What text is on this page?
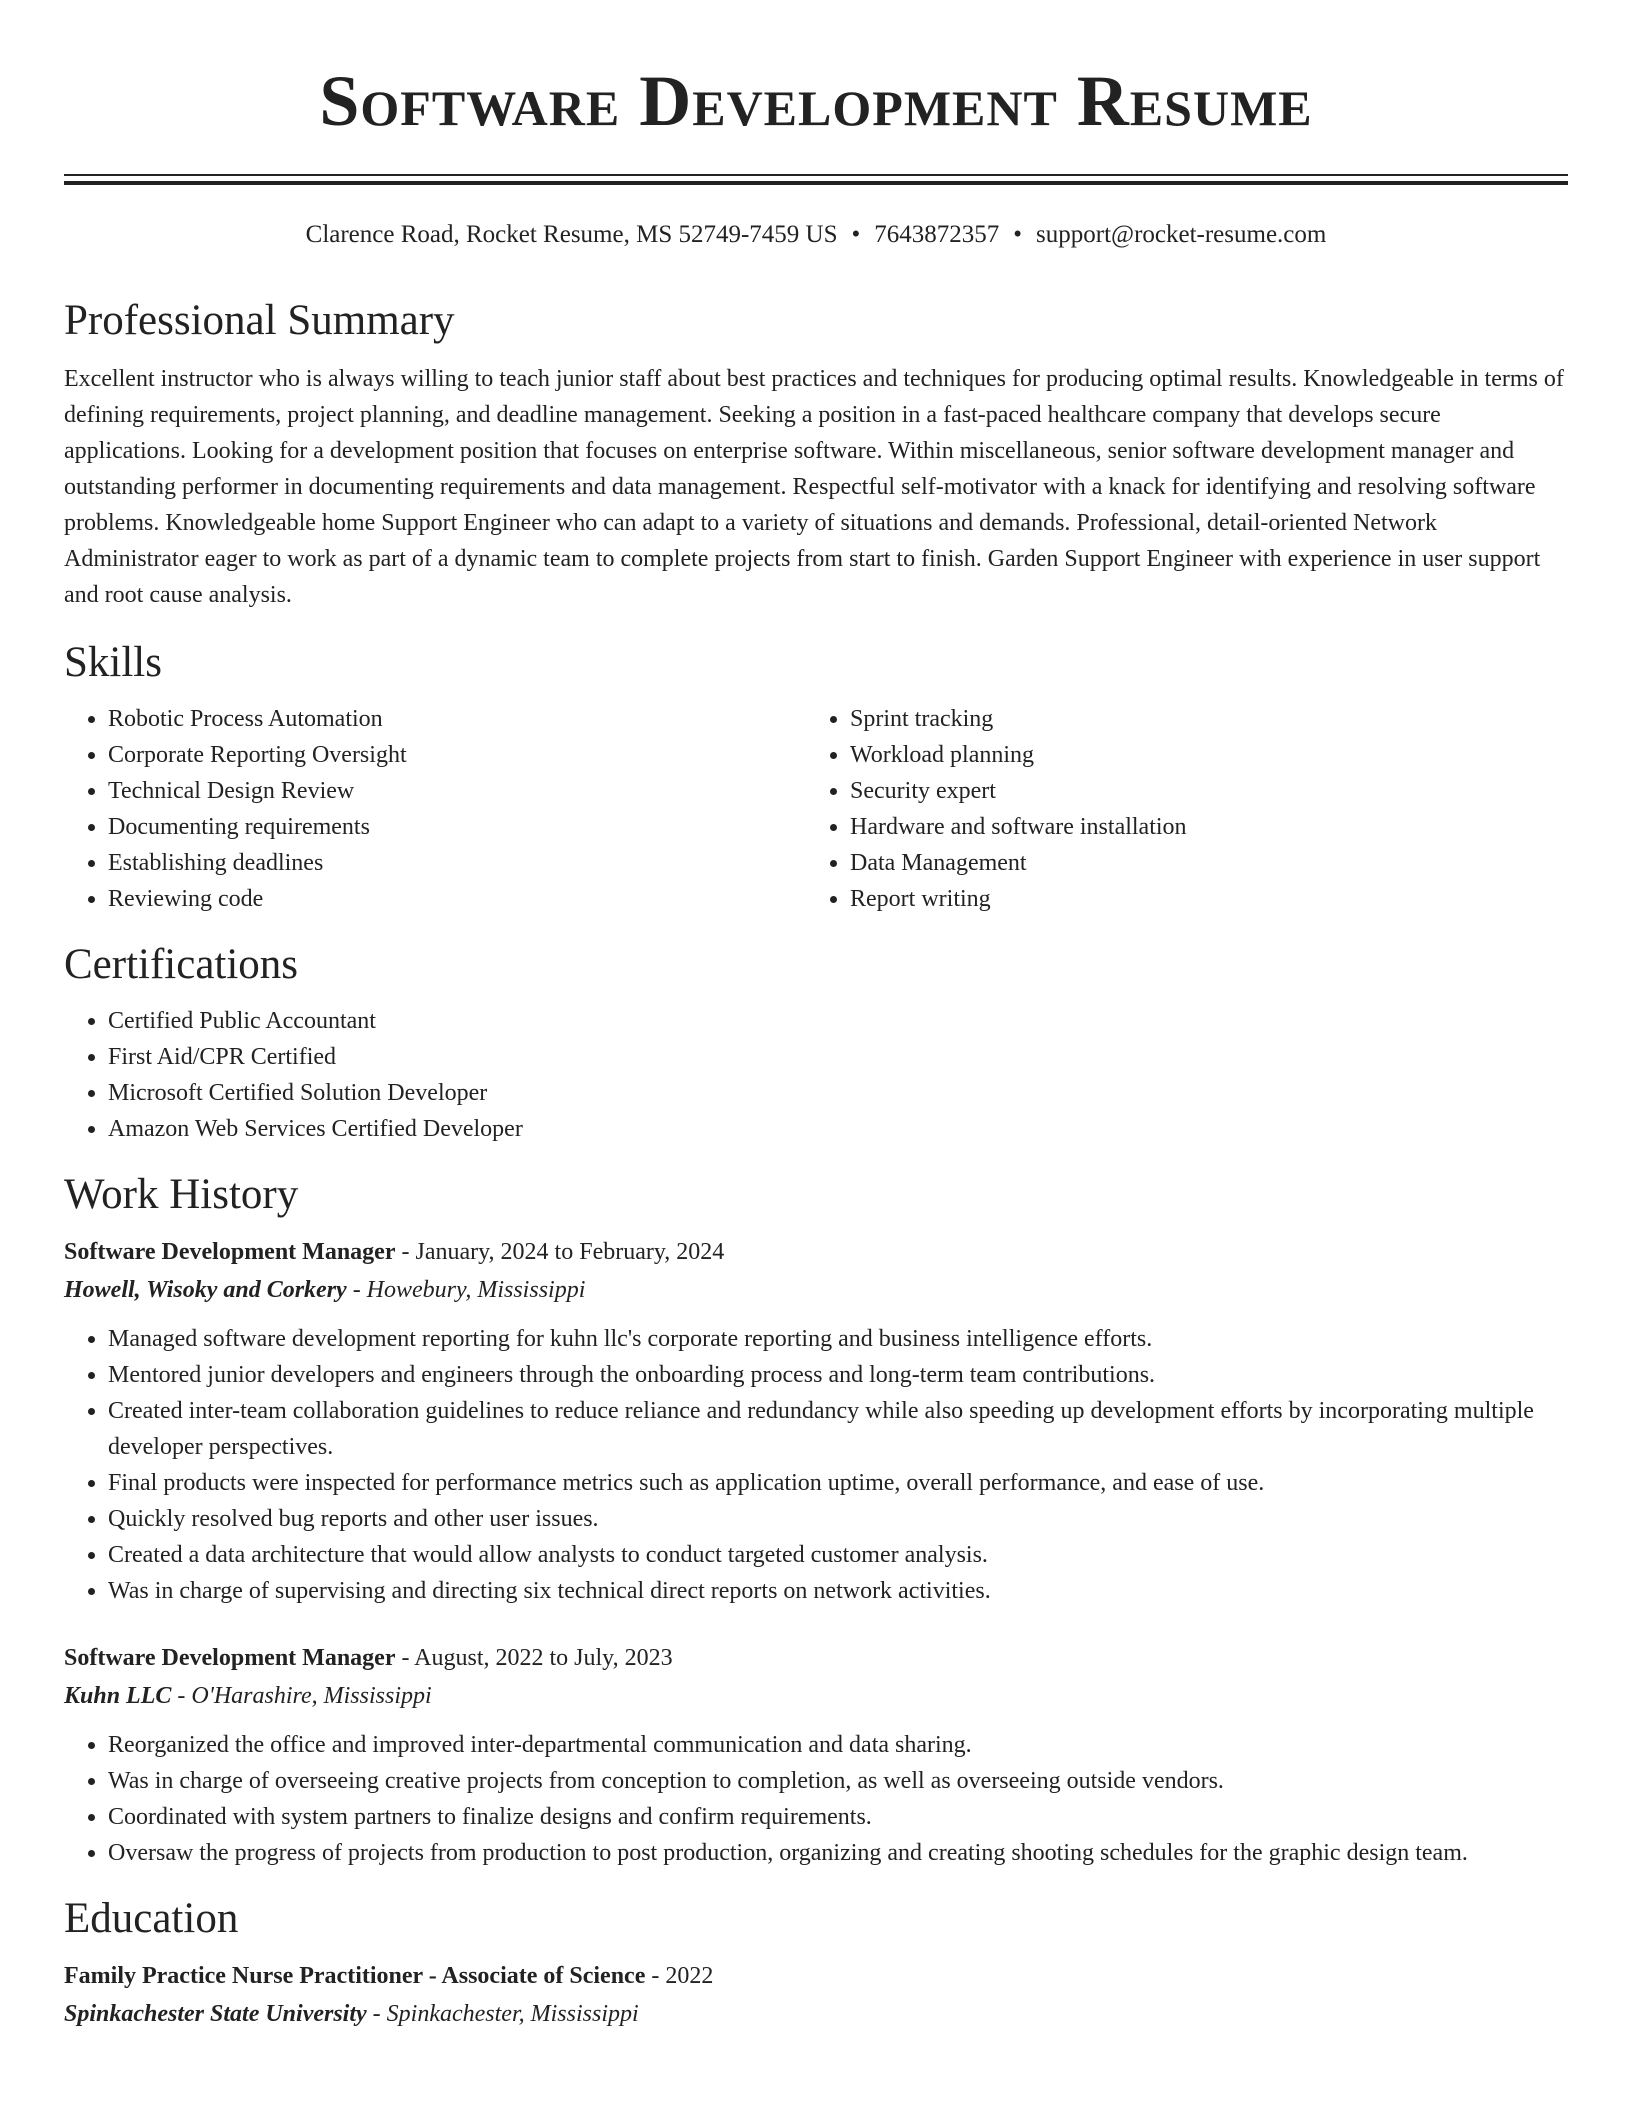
Software Development Resume
Clarence Road, Rocket Resume, MS 52749-7459 US • 7643872357 • support@rocket-resume.com
Professional Summary

Excellent instructor who is always willing to teach junior staff about best practices and techniques for producing optimal results. Knowledgeable in terms of defining requirements, project planning, and deadline management. Seeking a position in a fast-paced healthcare company that develops secure applications. Looking for a development position that focuses on enterprise software. Within miscellaneous, senior software development manager and outstanding performer in documenting requirements and data management. Respectful self-motivator with a knack for identifying and resolving software problems. Knowledgeable home Support Engineer who can adapt to a variety of situations and demands. Professional, detail-oriented Network Administrator eager to work as part of a dynamic team to complete projects from start to finish. Garden Support Engineer with experience in user support and root cause analysis.

Skills
• Robotic Process Automation
• Corporate Reporting Oversight
• Technical Design Review
• Documenting requirements
• Establishing deadlines
• Reviewing code
• Sprint tracking
• Workload planning
• Security expert
• Hardware and software installation
• Data Management
• Report writing
Certifications
• Certified Public Accountant
• First Aid/CPR Certified
• Microsoft Certified Solution Developer
• Amazon Web Services Certified Developer
Work History
Software Development Manager - January, 2024 to February, 2024
Howell, Wisoky and Corkery - Howebury, Mississippi
• Managed software development reporting for kuhn llc's corporate reporting and business intelligence efforts.
• Mentored junior developers and engineers through the onboarding process and long-term team contributions.
• Created inter-team collaboration guidelines to reduce reliance and redundancy while also speeding up development efforts by incorporating multiple developer perspectives.
• Final products were inspected for performance metrics such as application uptime, overall performance, and ease of use.
• Quickly resolved bug reports and other user issues.
• Created a data architecture that would allow analysts to conduct targeted customer analysis.
• Was in charge of supervising and directing six technical direct reports on network activities.
Software Development Manager - August, 2022 to July, 2023
Kuhn LLC - O'Harashire, Mississippi
• Reorganized the office and improved inter-departmental communication and data sharing.
• Was in charge of overseeing creative projects from conception to completion, as well as overseeing outside vendors.
• Coordinated with system partners to finalize designs and confirm requirements.
• Oversaw the progress of projects from production to post production, organizing and creating shooting schedules for the graphic design team.
Education
Family Practice Nurse Practitioner - Associate of Science - 2022
Spinkachester State University - Spinkachester, Mississippi
